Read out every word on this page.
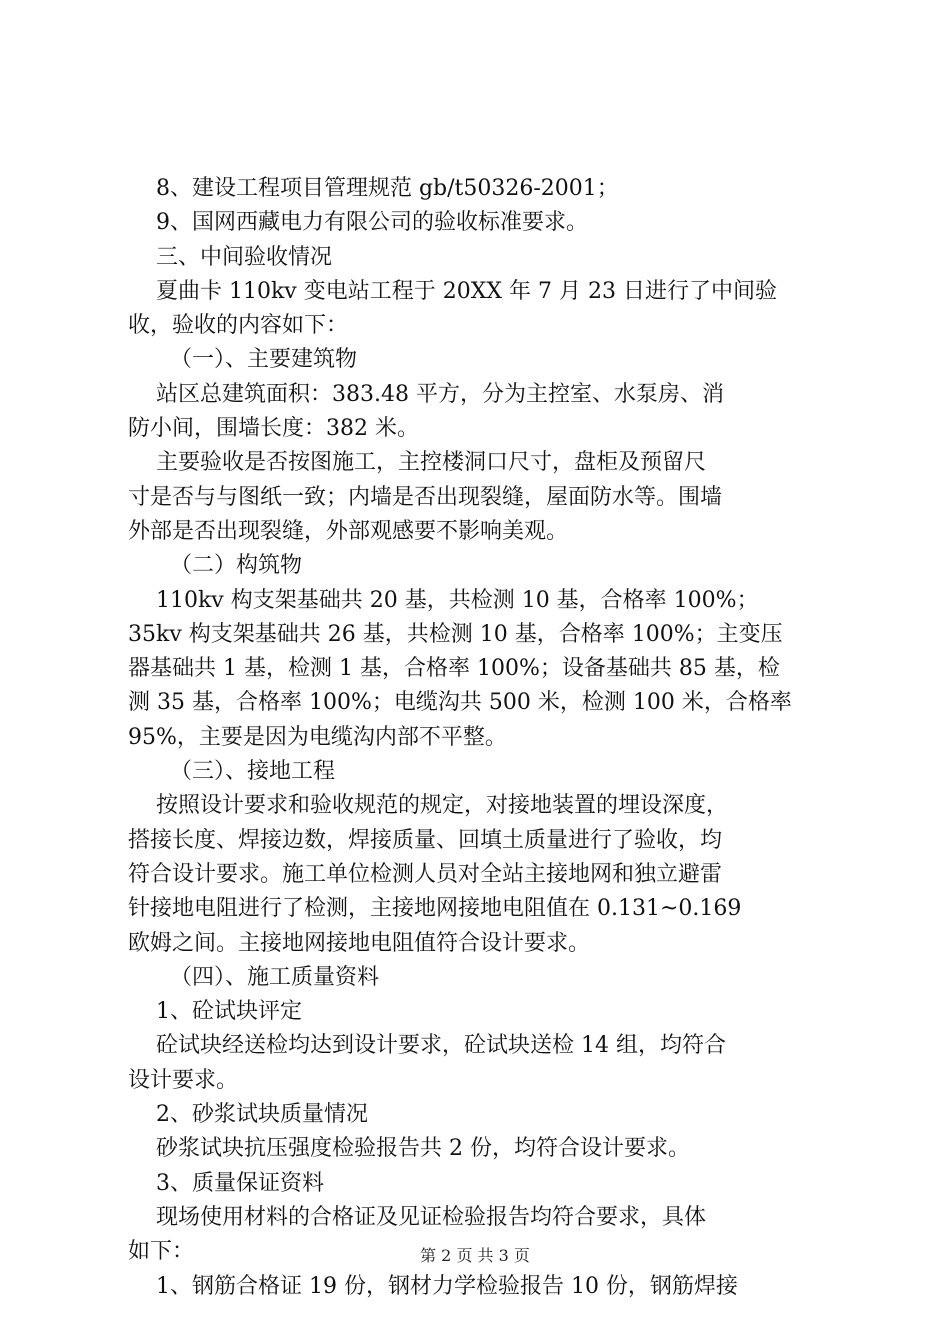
8、建设工程项目管理规范 gb/t50326-2001；
9、国网西藏电力有限公司的验收标准要求。
三、中间验收情况
夏曲卡 110kv 变电站工程于 20XX 年 7 月 23 日进行了中间验
收，验收的内容如下：
（一）、主要建筑物
站区总建筑面积：383.48 平方，分为主控室、水泵房、消
防小间，围墙长度：382 米。
主要验收是否按图施工，主控楼洞口尺寸，盘柜及预留尺
寸是否与与图纸一致；内墙是否出现裂缝，屋面防水等。围墙
外部是否出现裂缝，外部观感要不影响美观。
（二）构筑物
110kv 构支架基础共 20 基，共检测 10 基，合格率 100%；
35kv 构支架基础共 26 基，共检测 10 基，合格率 100%；主变压
器基础共 1 基，检测 1 基，合格率 100%；设备基础共 85 基，检
测 35 基，合格率 100%；电缆沟共 500 米，检测 100 米，合格率
95%，主要是因为电缆沟内部不平整。
（三）、接地工程
按照设计要求和验收规范的规定，对接地装置的埋设深度，
搭接长度、焊接边数，焊接质量、回填土质量进行了验收，均
符合设计要求。施工单位检测人员对全站主接地网和独立避雷
针接地电阻进行了检测，主接地网接地电阻值在 0.131~0.169
欧姆之间。主接地网接地电阻值符合设计要求。
（四）、施工质量资料
1、砼试块评定
砼试块经送检均达到设计要求，砼试块送检 14 组，均符合
设计要求。
2、砂浆试块质量情况
砂浆试块抗压强度检验报告共 2 份，均符合设计要求。
3、质量保证资料
现场使用材料的合格证及见证检验报告均符合要求，具体
如下：
1、钢筋合格证 19 份，钢材力学检验报告 10 份，钢筋焊接
第 2 页 共 3 页
